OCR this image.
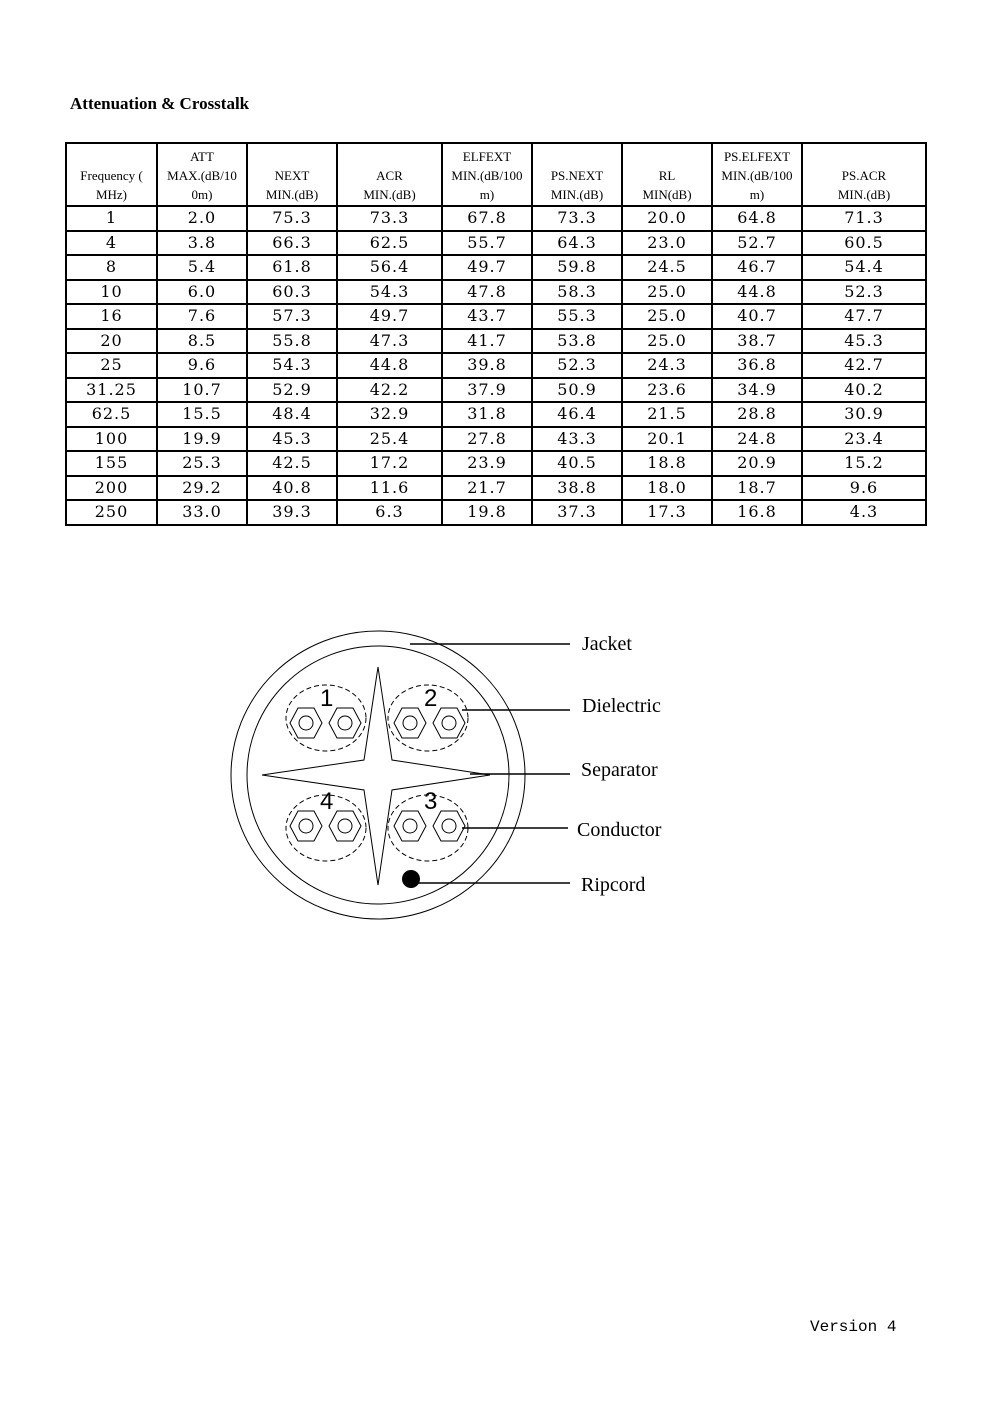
Attenuation & Crosstalk
Frequency (
MHz)	ATT
MAX.(dB/10
0m)	NEXT
MIN.(dB)	ACR
MIN.(dB)	ELFEXT
MIN.(dB/100
m)	PS.NEXT
MIN.(dB)	RL
MIN(dB)	PS.ELFEXT
MIN.(dB/100
m)	PS.ACR
MIN.(dB)

1	2.0	75.3	73.3	67.8	73.3	20.0	64.8	71.3
4	3.8	66.3	62.5	55.7	64.3	23.0	52.7	60.5
8	5.4	61.8	56.4	49.7	59.8	24.5	46.7	54.4
10	6.0	60.3	54.3	47.8	58.3	25.0	44.8	52.3
16	7.6	57.3	49.7	43.7	55.3	25.0	40.7	47.7
20	8.5	55.8	47.3	41.7	53.8	25.0	38.7	45.3
25	9.6	54.3	44.8	39.8	52.3	24.3	36.8	42.7
31.25	10.7	52.9	42.2	37.9	50.9	23.6	34.9	40.2
62.5	15.5	48.4	32.9	31.8	46.4	21.5	28.8	30.9
100	19.9	45.3	25.4	27.8	43.3	20.1	24.8	23.4
155	25.3	42.5	17.2	23.9	40.5	18.8	20.9	15.2
200	29.2	40.8	11.6	21.7	38.8	18.0	18.7	9.6
250	33.0	39.3	6.3	19.8	37.3	17.3	16.8	4.3
1	2
3
4
Jacket
Dielectric
Separator
Conductor
Ripcord
Version 4
